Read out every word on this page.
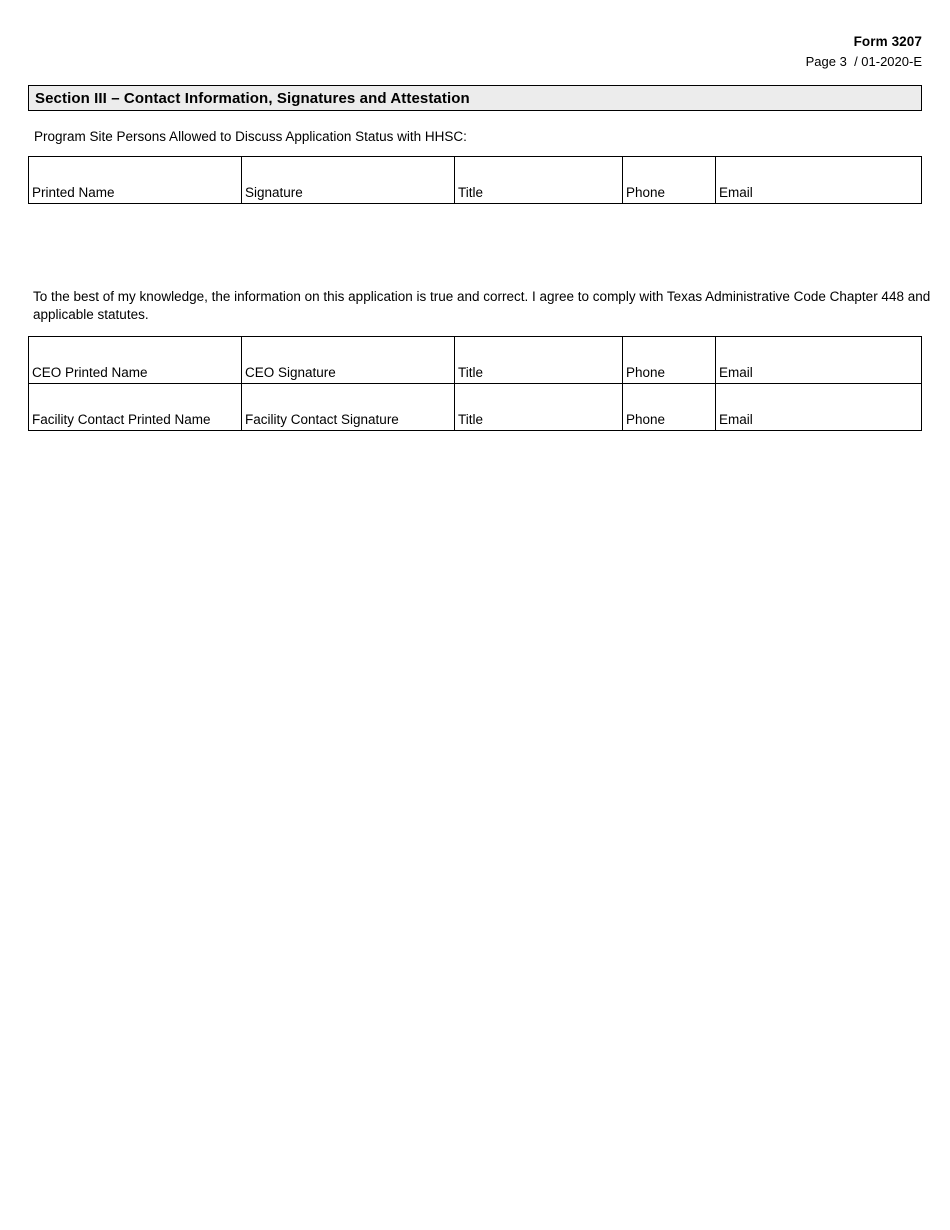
Form 3207
Page 3  / 01-2020-E
Section III – Contact Information, Signatures and Attestation
Program Site Persons Allowed to Discuss Application Status with HHSC:
Printed Name	Signature	Title	Phone	Email
To the best of my knowledge, the information on this application is true and correct. I agree to comply with Texas Administrative Code Chapter 448 and applicable statutes.
CEO Printed Name	CEO Signature	Title	Phone	Email
Facility Contact Printed Name	Facility Contact Signature	Title	Phone	Email
